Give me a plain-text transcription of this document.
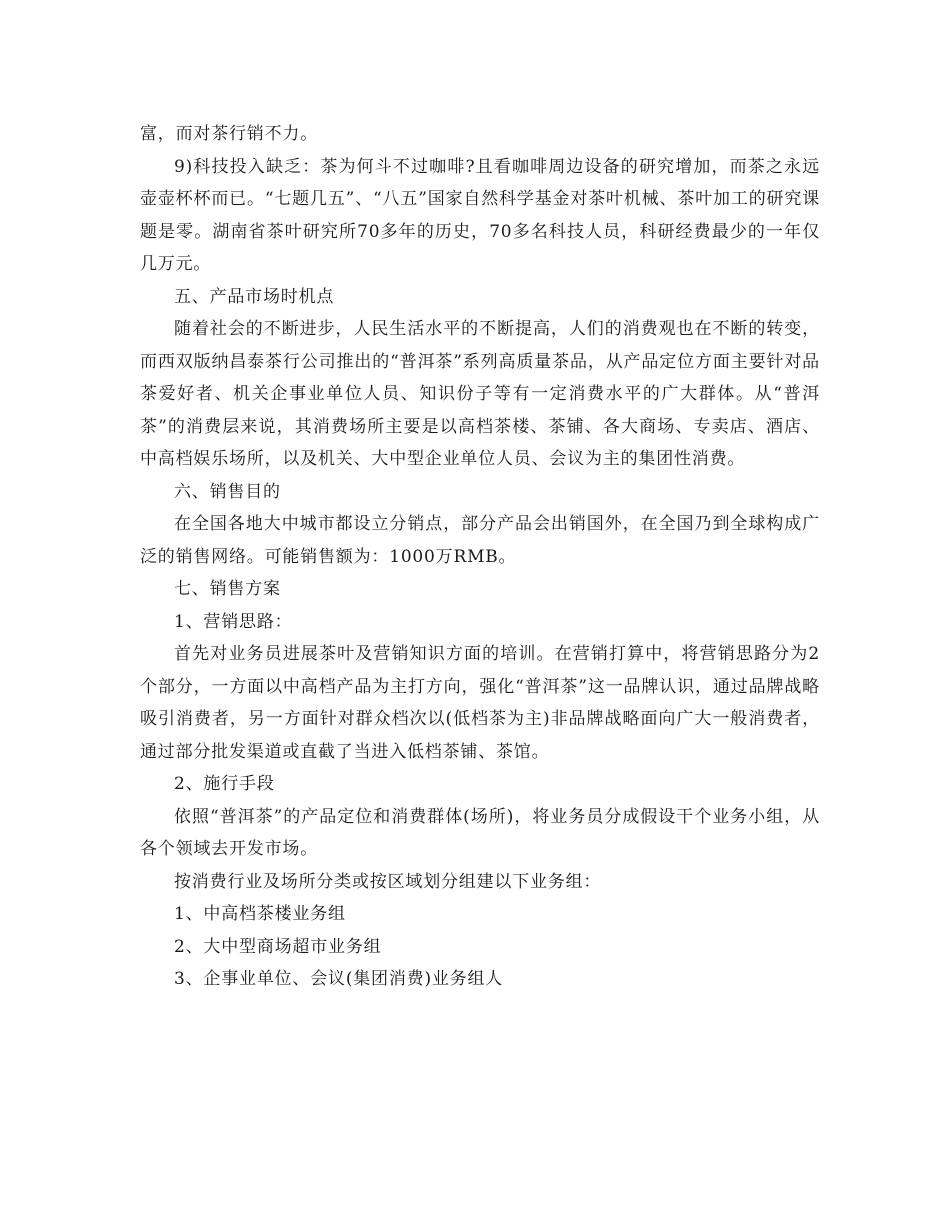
富，而对茶行销不力。

9)科技投入缺乏：茶为何斗不过咖啡?且看咖啡周边设备的研究增加，而茶之永远壶壶杯杯而已。“七题几五”、“八五”国家自然科学基金对茶叶机械、茶叶加工的研究课题是零。湖南省茶叶研究所70多年的历史，70多名科技人员，科研经费最少的一年仅几万元。

五、产品市场时机点

随着社会的不断进步，人民生活水平的不断提高，人们的消费观也在不断的转变，而西双版纳昌泰茶行公司推出的“普洱茶”系列高质量茶品，从产品定位方面主要针对品茶爱好者、机关企事业单位人员、知识份子等有一定消费水平的广大群体。从“普洱茶”的消费层来说，其消费场所主要是以高档茶楼、茶铺、各大商场、专卖店、酒店、中高档娱乐场所，以及机关、大中型企业单位人员、会议为主的集团性消费。

六、销售目的

在全国各地大中城市都设立分销点，部分产品会出销国外，在全国乃到全球构成广泛的销售网络。可能销售额为：1000万RMB。

七、销售方案

1、营销思路：

首先对业务员进展茶叶及营销知识方面的培训。在营销打算中，将营销思路分为2个部分，一方面以中高档产品为主打方向，强化“普洱茶”这一品牌认识，通过品牌战略吸引消费者，另一方面针对群众档次以(低档茶为主)非品牌战略面向广大一般消费者，通过部分批发渠道或直截了当进入低档茶铺、茶馆。

2、施行手段

依照“普洱茶”的产品定位和消费群体(场所)，将业务员分成假设干个业务小组，从各个领域去开发市场。

按消费行业及场所分类或按区域划分组建以下业务组：

1、中高档茶楼业务组

2、大中型商场超市业务组

3、企事业单位、会议(集团消费)业务组人
